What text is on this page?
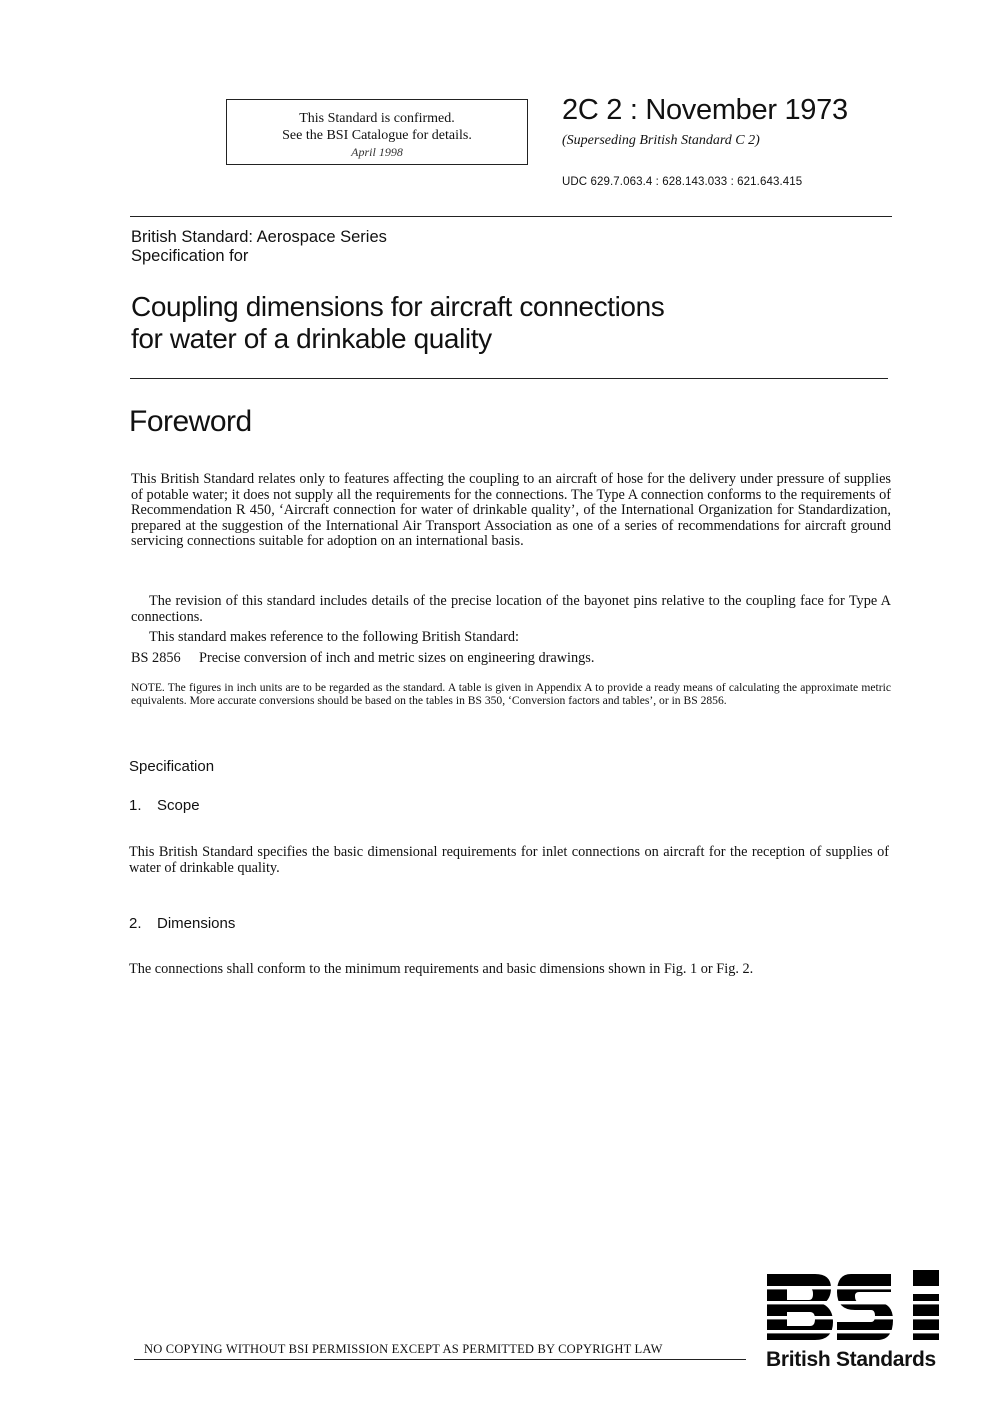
This Standard is confirmed.
See the BSI Catalogue for details.
April 1998
2C 2 : November 1973
(Superseding British Standard C 2)
UDC 629.7.063.4 : 628.143.033 : 621.643.415
British Standard: Aerospace Series
Specification for
Coupling dimensions for aircraft connections
for water of a drinkable quality
Foreword
This British Standard relates only to features affecting the coupling to an aircraft of hose for the delivery under pressure of supplies of potable water; it does not supply all the requirements for the connections. The Type A connection conforms to the requirements of Recommendation R 450, ‘Aircraft connection for water of drinkable quality’, of the International Organization for Standardization, prepared at the suggestion of the International Air Transport Association as one of a series of recommendations for aircraft ground servicing connections suitable for adoption on an international basis.
The revision of this standard includes details of the precise location of the bayonet pins relative to the coupling face for Type A connections.
This standard makes reference to the following British Standard:
BS 2856 Precise conversion of inch and metric sizes on engineering drawings.
NOTE. The figures in inch units are to be regarded as the standard. A table is given in Appendix A to provide a ready means of calculating the approximate metric equivalents. More accurate conversions should be based on the tables in BS 350, ‘Conversion factors and tables’, or in BS 2856.
Specification
1. Scope
This British Standard specifies the basic dimensional requirements for inlet connections on aircraft for the reception of supplies of water of drinkable quality.
2. Dimensions
The connections shall conform to the minimum requirements and basic dimensions shown in Fig. 1 or Fig. 2.
NO COPYING WITHOUT BSI PERMISSION EXCEPT AS PERMITTED BY COPYRIGHT LAW	British Standards
